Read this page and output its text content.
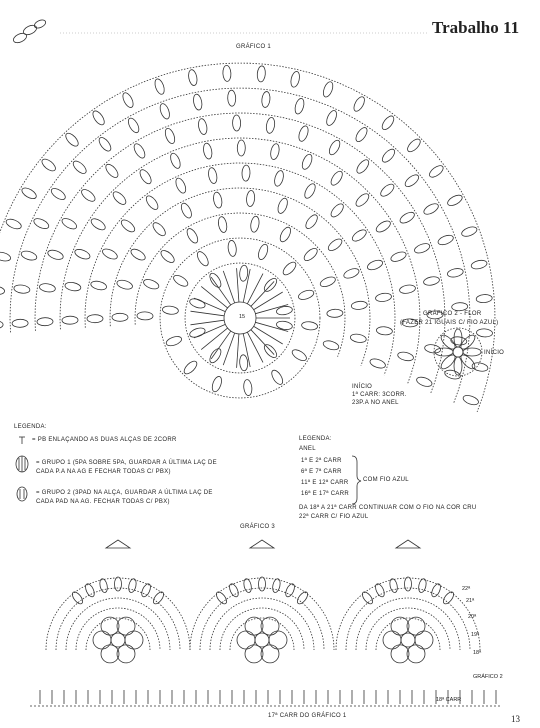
Trabalho 11
GRÁFICO 1
15
INÍCIO
1ª CARR: 3CORR.
23P.A NO ANEL
GRÁFICO 2 - FLOR
(FAZER 21 IGUAIS C/ FIO AZUL)
INÍCIO
LEGENDA:
= PB ENLAÇANDO AS DUAS ALÇAS DE 2CORR
= GRUPO 1 (5PA SOBRE 5PA, GUARDAR A ÚLTIMA LAÇ DE CADA P.A NA AG E FECHAR TODAS C/ PBX)
= GRUPO 2 (3PAD NA ALÇA, GUARDAR A ÚLTIMA LAÇ DE CADA PAD NA AG. FECHAR TODAS C/ PBX)
LEGENDA:
ANEL
1ª E 2ª CARR
6ª E 7ª CARR
11ª E 12ª CARR
16ª E 17ª CARR
COM FIO AZUL
DA 18ª A 21ª CARR CONTINUAR COM O FIO NA COR CRU
22ª CARR C/ FIO AZUL
GRÁFICO 3
17ª CARR DO GRÁFICO 1
GRÁFICO 2
18ª CARR
22ª
21ª
20ª
19ª
18ª
13
